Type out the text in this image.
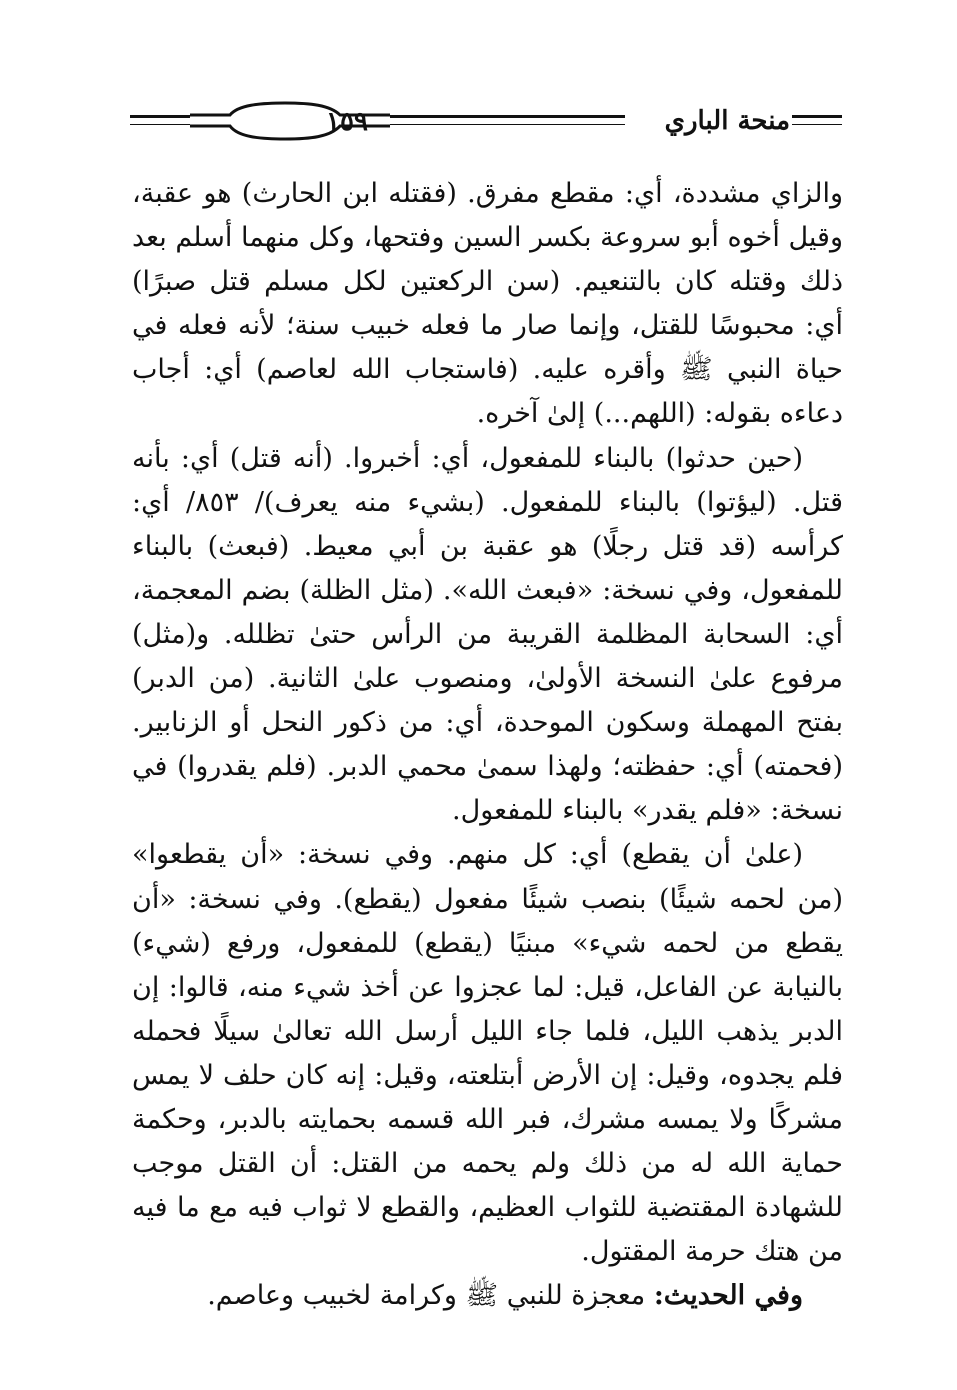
١٥٩	منحة الباري

والزاي مشددة، أي: مقطع مفرق. (فقتله ابن الحارث) هو عقبة، وقيل أخوه أبو سروعة بكسر السين وفتحها، وكل منهما أسلم بعد ذلك وقتله كان بالتنعيم. (سن الركعتين لكل مسلم قتل صبرًا) أي: محبوسًا للقتل، وإنما صار ما فعله خبيب سنة؛ لأنه فعله في حياة النبي ﷺ وأقره عليه. (فاستجاب الله لعاصم) أي: أجاب دعاءه بقوله: (اللهم...) إلىٰ آخره.

(حين حدثوا) بالبناء للمفعول، أي: أخبروا. (أنه قتل) أي: بأنه قتل. (ليؤتوا) بالبناء للمفعول. (بشيء منه يعرف)/ ٨٥٣/ أي: كرأسه (قد قتل رجلًا) هو عقبة بن أبي معيط. (فبعث) بالبناء للمفعول، وفي نسخة: «فبعث الله». (مثل الظلة) بضم المعجمة، أي: السحابة المظلمة القريبة من الرأس حتىٰ تظلله. و(مثل) مرفوع علىٰ النسخة الأولىٰ، ومنصوب علىٰ الثانية. (من الدبر) بفتح المهملة وسكون الموحدة، أي: من ذكور النحل أو الزنابير. (فحمته) أي: حفظته؛ ولهذا سمىٰ محمي الدبر. (فلم يقدروا) في نسخة: «فلم يقدر» بالبناء للمفعول.

(علىٰ أن يقطع) أي: كل منهم. وفي نسخة: «أن يقطعوا» (من لحمه شيئًا) بنصب شيئًا مفعول (يقطع). وفي نسخة: «أن يقطع من لحمه شيء» مبنيًا (يقطع) للمفعول، ورفع (شيء) بالنيابة عن الفاعل، قيل: لما عجزوا عن أخذ شيء منه، قالوا: إن الدبر يذهب الليل، فلما جاء الليل أرسل الله تعالىٰ سيلًا فحمله فلم يجدوه، وقيل: إن الأرض أبتلعته، وقيل: إنه كان حلف لا يمس مشركًا ولا يمسه مشرك، فبر الله قسمه بحمايته بالدبر، وحكمة حماية الله له من ذلك ولم يحمه من القتل: أن القتل موجب للشهادة المقتضية للثواب العظيم، والقطع لا ثواب فيه مع ما فيه من هتك حرمة المقتول.

وفي الحديث: معجزة للنبي ﷺ وكرامة لخبيب وعاصم.
